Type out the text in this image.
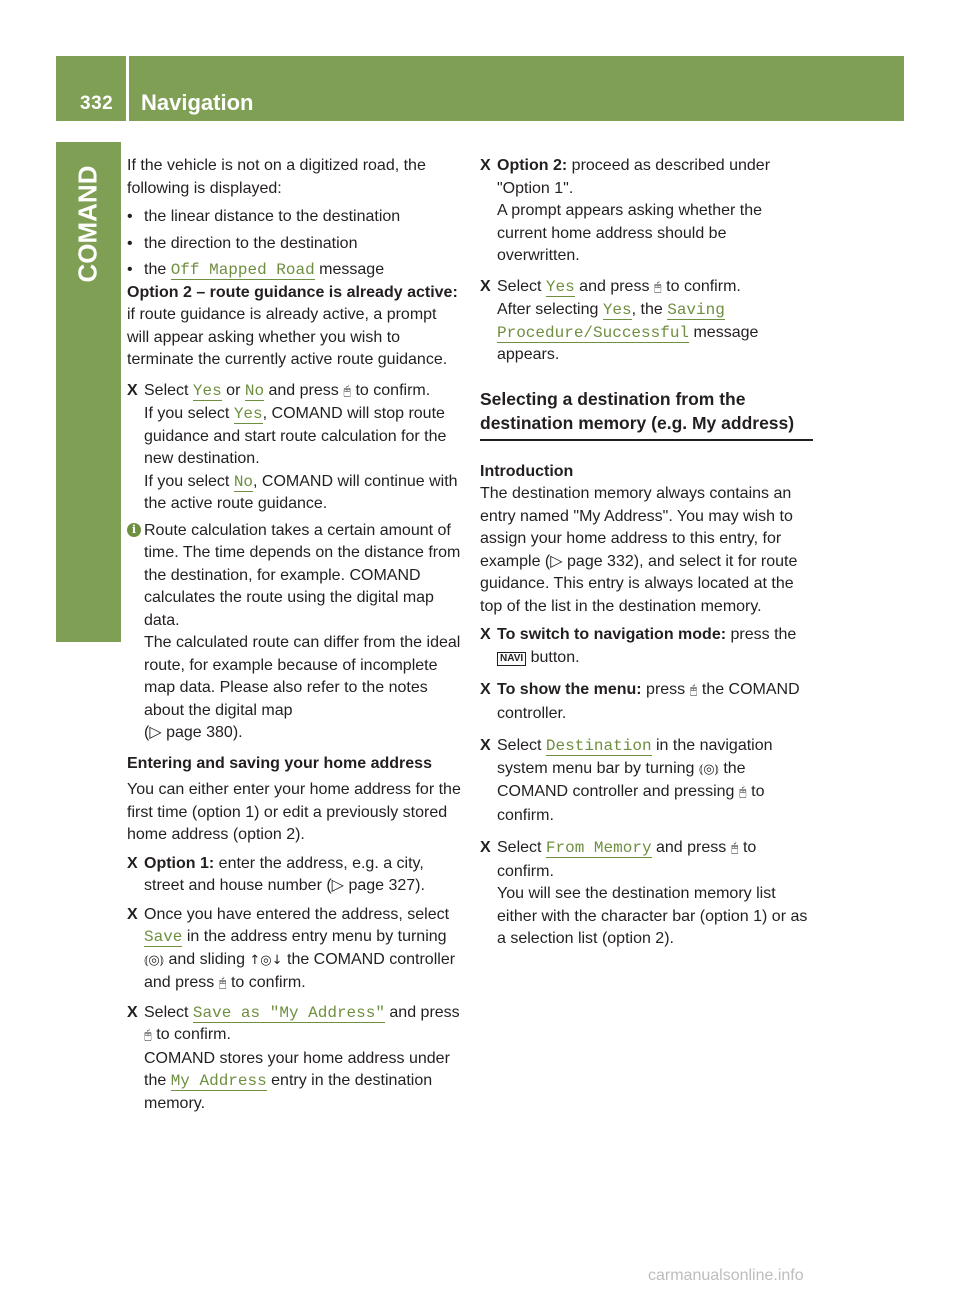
332 Navigation
COMAND If the vehicle is not on a digitized road, the following is displayed:

• the linear distance to the destination

• the direction to the destination

• the Off Mapped Road message

Option 2 – route guidance is already active: if route guidance is already active, a prompt will appear asking whether you wish to terminate the currently active route guidance.

X Select Yes or No and press 🖰 to confirm.

If you select Yes, COMAND will stop route guidance and start route calculation for the new destination.

If you select No, COMAND will continue with the active route guidance.

i Route calculation takes a certain amount of time. The time depends on the distance from the destination, for example. COMAND calculates the route using the digital map data.

The calculated route can differ from the ideal route, for example because of incomplete map data. Please also refer to the notes about the digital map
(▷ page 380).

Entering and saving your home address

You can either enter your home address for the first time (option 1) or edit a previously stored home address (option 2).

X Option 1: enter the address, e.g. a city, street and house number (▷ page 327).

X Once you have entered the address, select Save in the address entry menu by turning ⦅◎⦆ and sliding ↑◎↓ the COMAND controller and press 🖰 to confirm.

X Select Save as "My Address" and press
🖰 to confirm.

COMAND stores your home address under the My Address entry in the destination memory.

X Option 2: proceed as described under "Option 1".

A prompt appears asking whether the current home address should be overwritten.

X Select Yes and press 🖰 to confirm.

After selecting Yes, the Saving Procedure/Successful message appears.

Selecting a destination from the destination memory (e.g. My address)

Introduction

The destination memory always contains an entry named "My Address". You may wish to assign your home address to this entry, for example (▷ page 332), and select it for route guidance. This entry is always located at the top of the list in the destination memory.

X To switch to navigation mode: press the
NAVI button.

X To show the menu: press 🖰 the COMAND controller.

X Select Destination in the navigation system menu bar by turning ⦅◎⦆ the COMAND controller and pressing 🖰 to confirm.

X Select From Memory and press 🖰 to confirm.

You will see the destination memory list either with the character bar (option 1) or as a selection list (option 2).

carmanualsonline.info
